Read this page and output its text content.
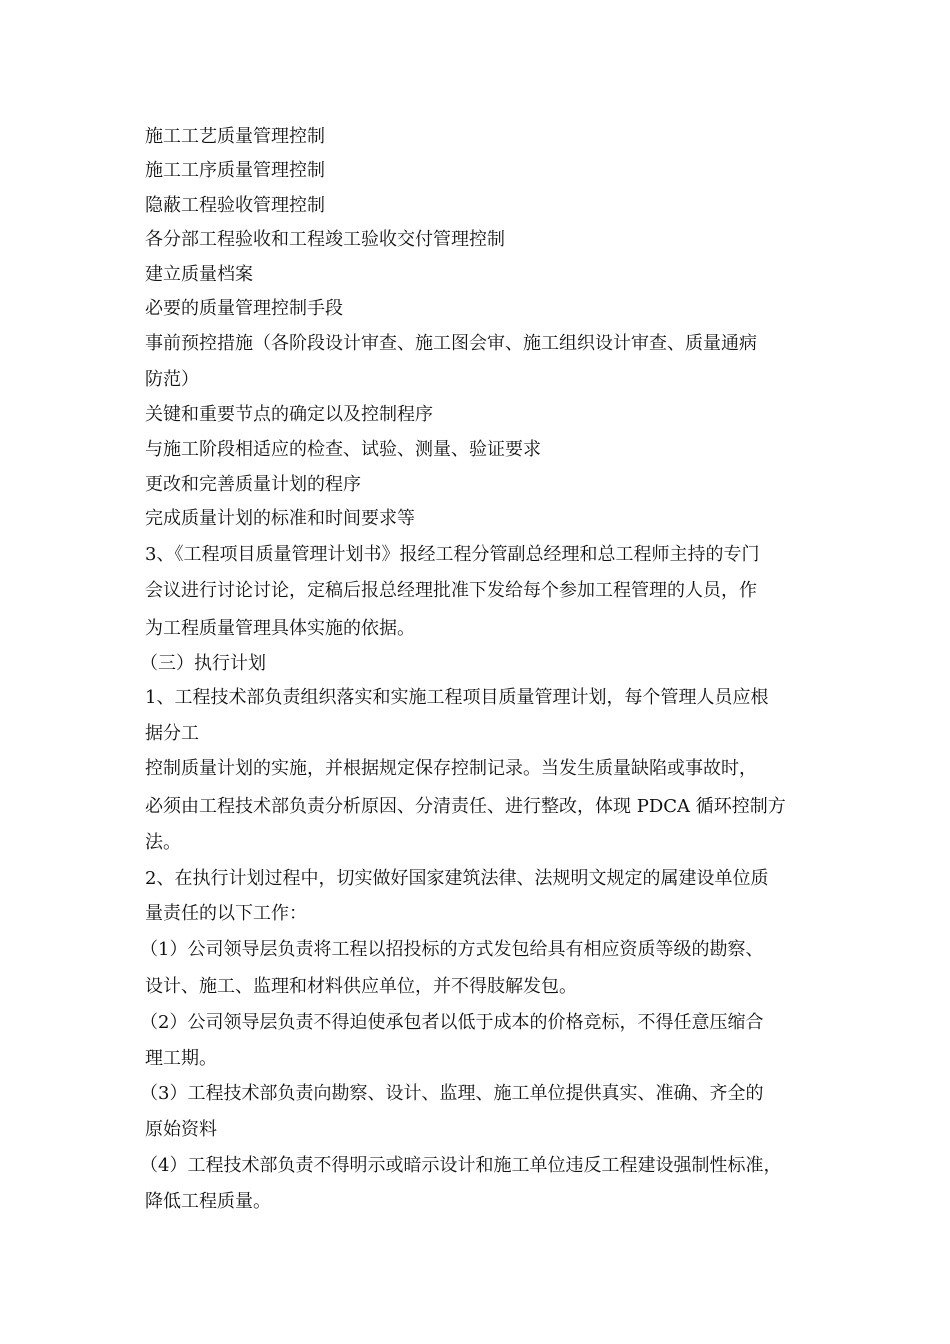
施工工艺质量管理控制

施工工序质量管理控制

隐蔽工程验收管理控制

各分部工程验收和工程竣工验收交付管理控制

建立质量档案

必要的质量管理控制手段

事前预控措施（各阶段设计审查、施工图会审、施工组织设计审查、质量通病

防范）

关键和重要节点的确定以及控制程序

与施工阶段相适应的检查、试验、测量、验证要求

更改和完善质量计划的程序

完成质量计划的标准和时间要求等

3、《工程项目质量管理计划书》报经工程分管副总经理和总工程师主持的专门

会议进行讨论讨论，定稿后报总经理批准下发给每个参加工程管理的人员，作

为工程质量管理具体实施的依据。

（三）执行计划

1、工程技术部负责组织落实和实施工程项目质量管理计划，每个管理人员应根

据分工

控制质量计划的实施，并根据规定保存控制记录。当发生质量缺陷或事故时，

必须由工程技术部负责分析原因、分清责任、进行整改，体现 PDCA 循环控制方

法。

2、在执行计划过程中，切实做好国家建筑法律、法规明文规定的属建设单位质

量责任的以下工作：

（1）公司领导层负责将工程以招投标的方式发包给具有相应资质等级的勘察、

设计、施工、监理和材料供应单位，并不得肢解发包。

（2）公司领导层负责不得迫使承包者以低于成本的价格竞标，不得任意压缩合

理工期。

（3）工程技术部负责向勘察、设计、监理、施工单位提供真实、准确、齐全的

原始资料

（4）工程技术部负责不得明示或暗示设计和施工单位违反工程建设强制性标准，

降低工程质量。
